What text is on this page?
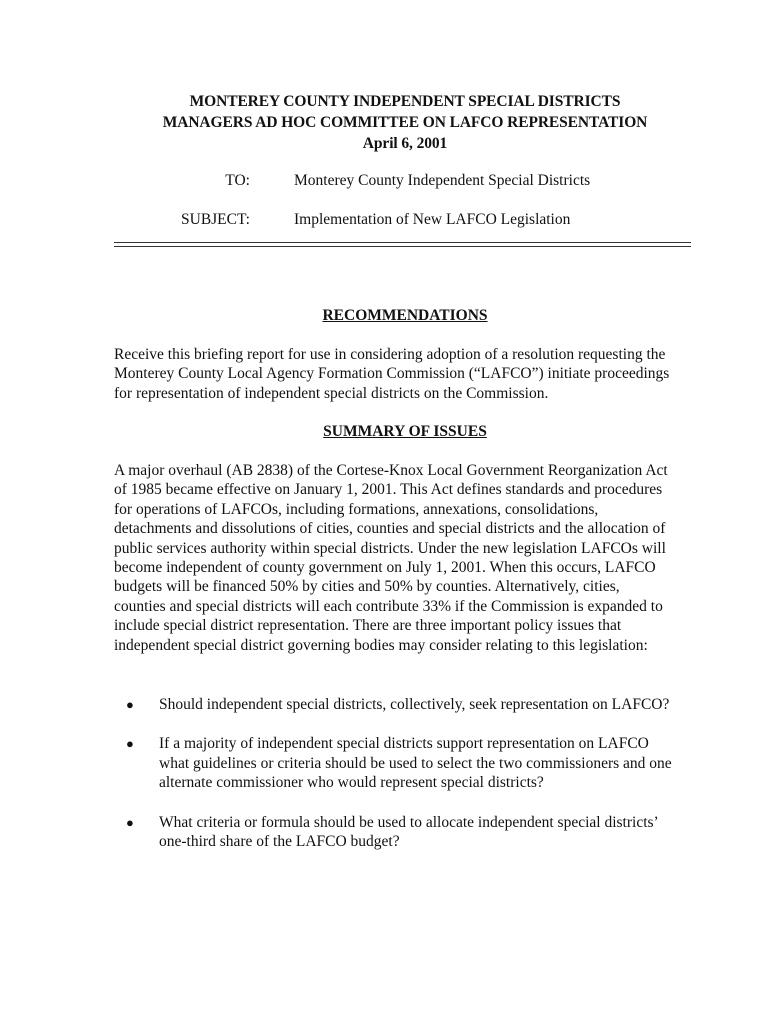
MONTEREY COUNTY INDEPENDENT SPECIAL DISTRICTS
MANAGERS AD HOC COMMITTEE ON LAFCO REPRESENTATION
April 6, 2001
TO:	Monterey County Independent Special Districts
SUBJECT:	Implementation of New LAFCO Legislation
RECOMMENDATIONS

Receive this briefing report for use in considering adoption of a resolution requesting the Monterey County Local Agency Formation Commission (“LAFCO”) initiate proceedings for representation of independent special districts on the Commission.

SUMMARY OF ISSUES

A major overhaul (AB 2838) of the Cortese-Knox Local Government Reorganization Act of 1985 became effective on January 1, 2001. This Act defines standards and procedures for operations of LAFCOs, including formations, annexations, consolidations, detachments and dissolutions of cities, counties and special districts and the allocation of public services authority within special districts. Under the new legislation LAFCOs will become independent of county government on July 1, 2001. When this occurs, LAFCO budgets will be financed 50% by cities and 50% by counties. Alternatively, cities, counties and special districts will each contribute 33% if the Commission is expanded to include special district representation. There are three important policy issues that independent special district governing bodies may consider relating to this legislation:

● Should independent special districts, collectively, seek representation on LAFCO?
● If a majority of independent special districts support representation on LAFCO what guidelines or criteria should be used to select the two commissioners and one alternate commissioner who would represent special districts?
● What criteria or formula should be used to allocate independent special districts’ one-third share of the LAFCO budget?
